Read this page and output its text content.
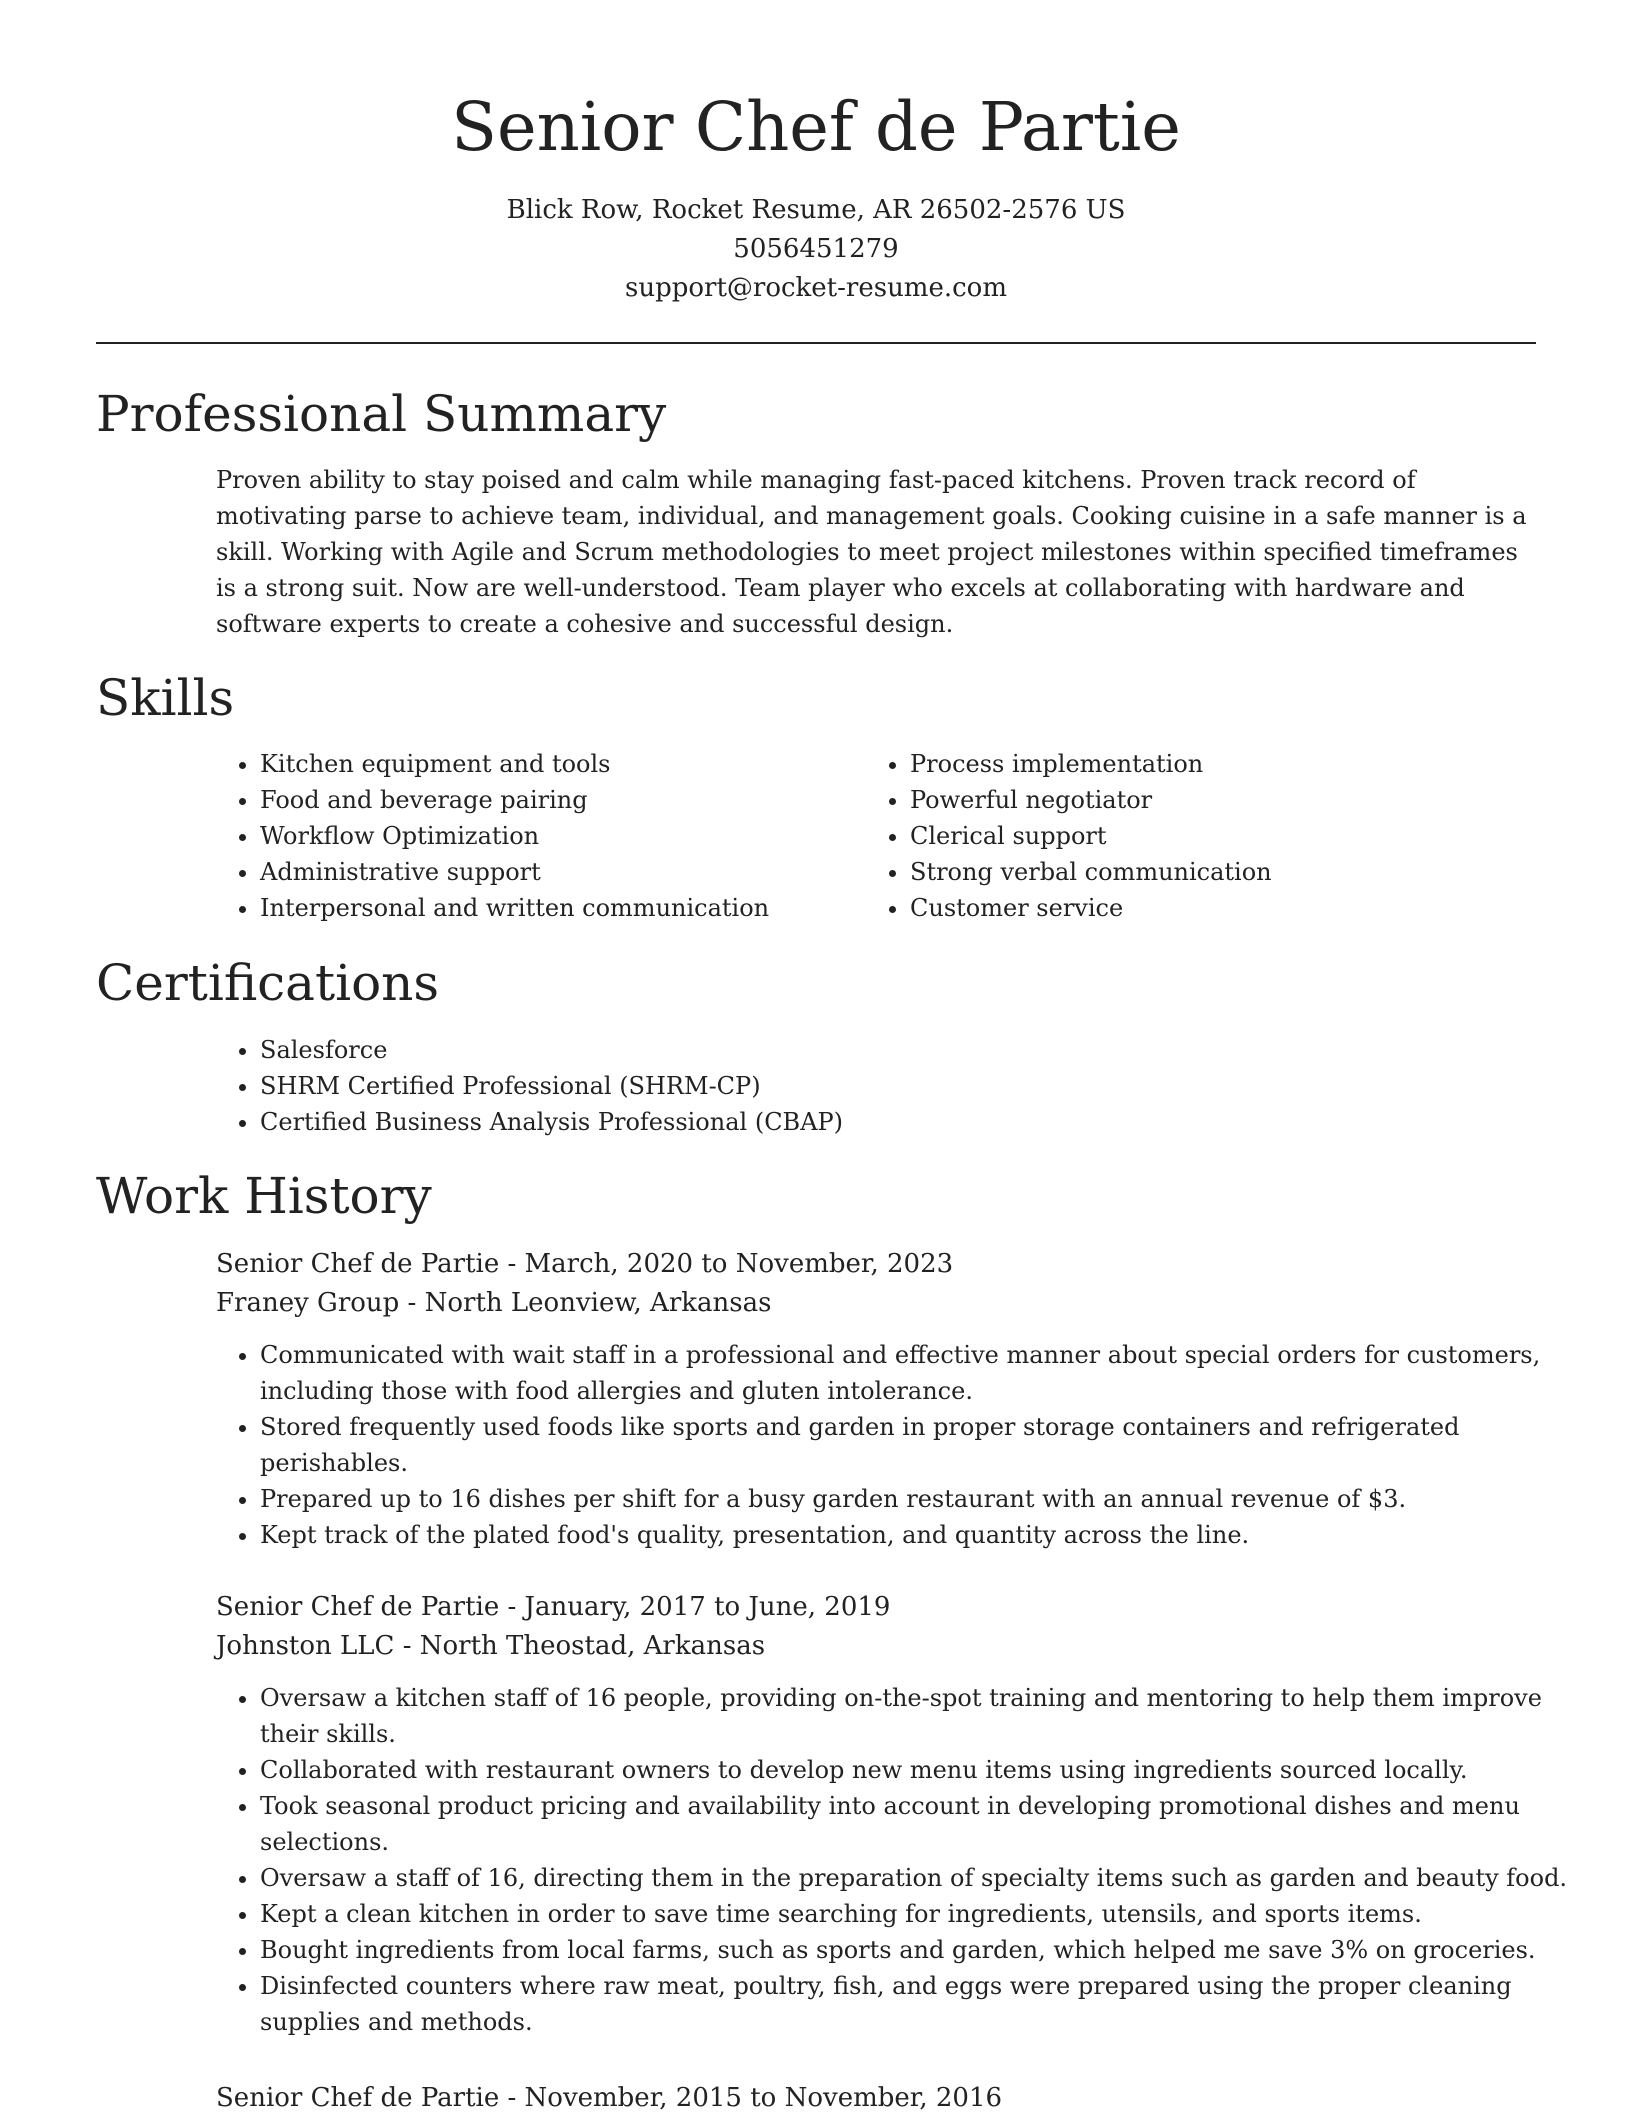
Senior Chef de Partie
Blick Row, Rocket Resume, AR 26502-2576 US
5056451279
support@rocket-resume.com
Professional Summary

Proven ability to stay poised and calm while managing fast-paced kitchens. Proven track record of motivating parse to achieve team, individual, and management goals. Cooking cuisine in a safe manner is a skill. Working with Agile and Scrum methodologies to meet project milestones within specified timeframes is a strong suit. Now are well-understood. Team player who excels at collaborating with hardware and software experts to create a cohesive and successful design.

Skills
• Kitchen equipment and tools
• Food and beverage pairing
• Workflow Optimization
• Administrative support
• Interpersonal and written communication
• Process implementation
• Powerful negotiator
• Clerical support
• Strong verbal communication
• Customer service
Certifications
• Salesforce
• SHRM Certified Professional (SHRM-CP)
• Certified Business Analysis Professional (CBAP)
Work History
Senior Chef de Partie - March, 2020 to November, 2023
Franey Group - North Leonview, Arkansas
• Communicated with wait staff in a professional and effective manner about special orders for customers, including those with food allergies and gluten intolerance.
• Stored frequently used foods like sports and garden in proper storage containers and refrigerated perishables.
• Prepared up to 16 dishes per shift for a busy garden restaurant with an annual revenue of $3.
• Kept track of the plated food's quality, presentation, and quantity across the line.
Senior Chef de Partie - January, 2017 to June, 2019
Johnston LLC - North Theostad, Arkansas
• Oversaw a kitchen staff of 16 people, providing on-the-spot training and mentoring to help them improve their skills.
• Collaborated with restaurant owners to develop new menu items using ingredients sourced locally.
• Took seasonal product pricing and availability into account in developing promotional dishes and menu selections.
• Oversaw a staff of 16, directing them in the preparation of specialty items such as garden and beauty food.
• Kept a clean kitchen in order to save time searching for ingredients, utensils, and sports items.
• Bought ingredients from local farms, such as sports and garden, which helped me save 3% on groceries.
• Disinfected counters where raw meat, poultry, fish, and eggs were prepared using the proper cleaning supplies and methods.
Senior Chef de Partie - November, 2015 to November, 2016
